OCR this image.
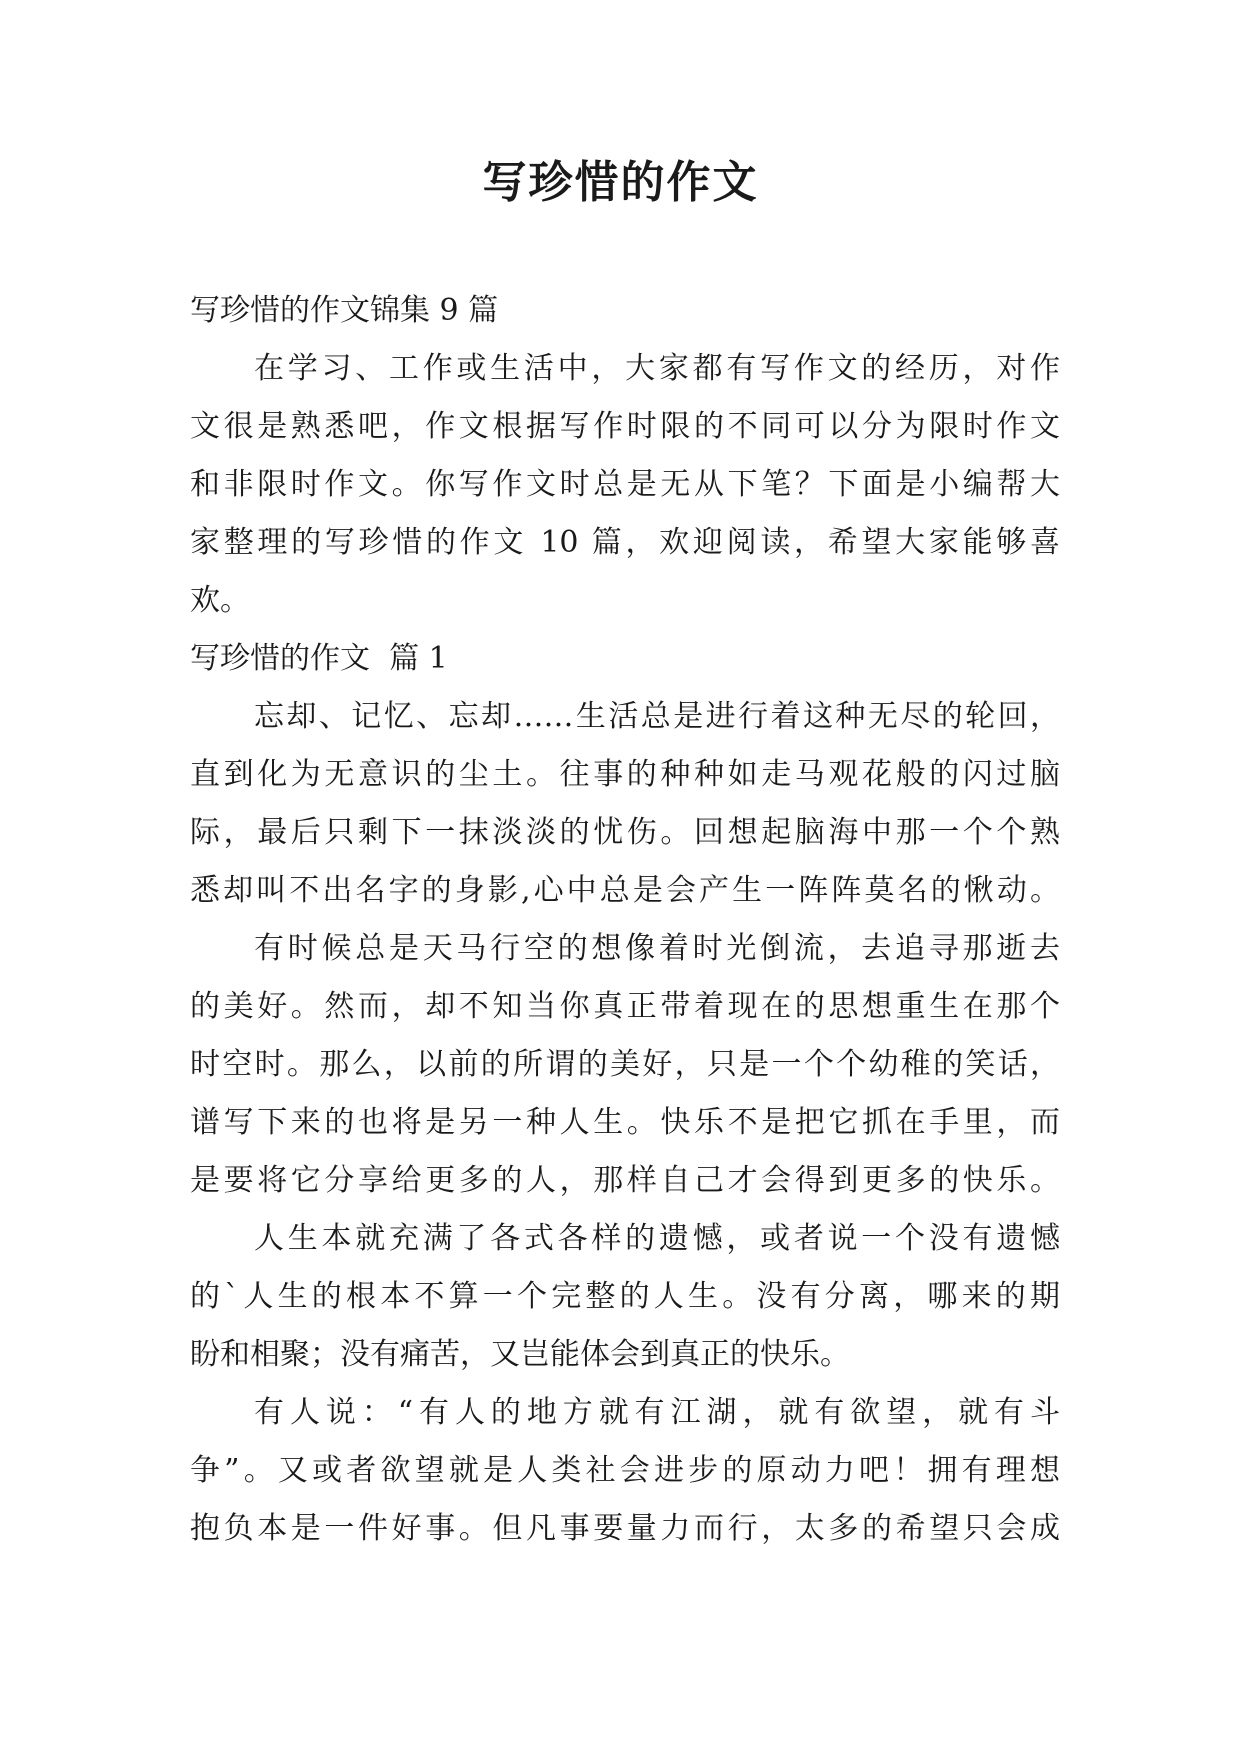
写珍惜的作文
写珍惜的作文锦集 9 篇
在学习、工作或生活中，大家都有写作文的经历，对作
文很是熟悉吧，作文根据写作时限的不同可以分为限时作文
和非限时作文。你写作文时总是无从下笔？下面是小编帮大
家整理的写珍惜的作文 10 篇，欢迎阅读，希望大家能够喜
欢。
写珍惜的作文  篇 1
忘却、记忆、忘却……生活总是进行着这种无尽的轮回，
直到化为无意识的尘土。往事的种种如走马观花般的闪过脑
际，最后只剩下一抹淡淡的忧伤。回想起脑海中那一个个熟
悉却叫不出名字的身影,心中总是会产生一阵阵莫名的愀动。
有时候总是天马行空的想像着时光倒流，去追寻那逝去
的美好。然而，却不知当你真正带着现在的思想重生在那个
时空时。那么，以前的所谓的美好，只是一个个幼稚的笑话，
谱写下来的也将是另一种人生。快乐不是把它抓在手里，而
是要将它分享给更多的人，那样自己才会得到更多的快乐。
人生本就充满了各式各样的遗憾，或者说一个没有遗憾
的`人生的根本不算一个完整的人生。没有分离，哪来的期
盼和相聚；没有痛苦，又岂能体会到真正的快乐。
有人说：“有人的地方就有江湖，就有欲望，就有斗
争”。又或者欲望就是人类社会进步的原动力吧！拥有理想
抱负本是一件好事。但凡事要量力而行，太多的希望只会成
